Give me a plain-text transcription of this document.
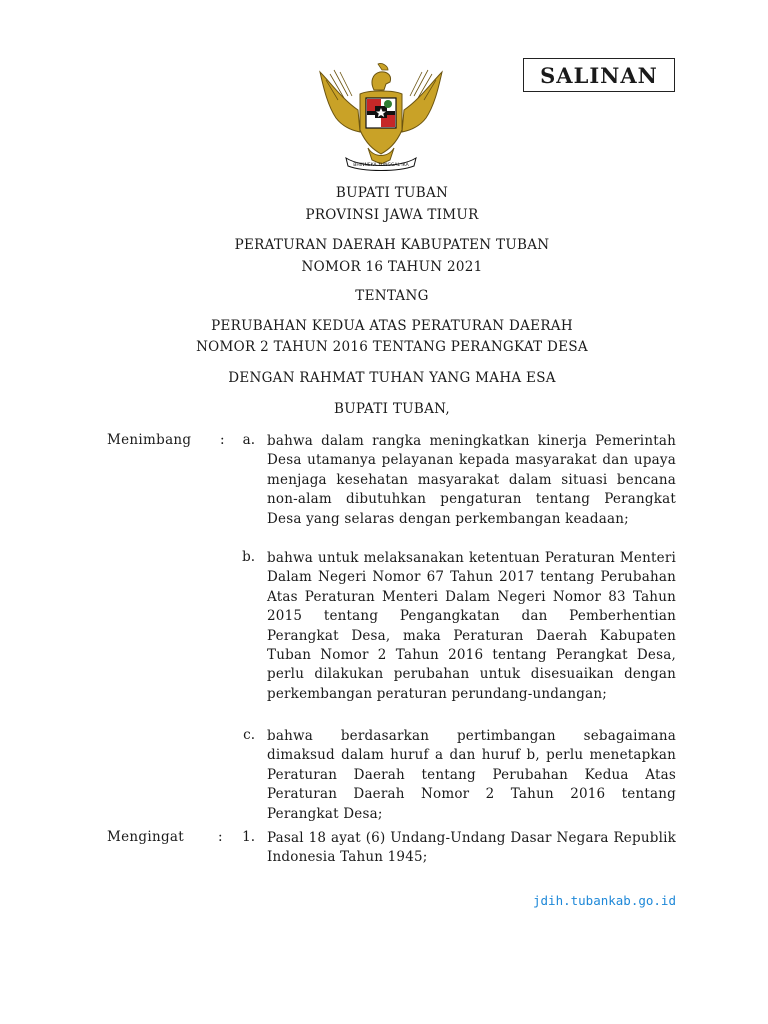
SALINAN
BHINNEKA TUNGGAL IKA
BUPATI TUBAN
PROVINSI JAWA TIMUR
PERATURAN DAERAH KABUPATEN TUBAN
NOMOR 16 TAHUN 2021
TENTANG
PERUBAHAN KEDUA ATAS PERATURAN DAERAH
NOMOR 2 TAHUN 2016 TENTANG PERANGKAT DESA
DENGAN RAHMAT TUHAN YANG MAHA ESA
BUPATI TUBAN,
Menimbang :	a. bahwa dalam rangka meningkatkan kinerja Pemerintah Desa utamanya pelayanan kepada masyarakat dan upaya menjaga kesehatan masyarakat dalam situasi bencana non-alam dibutuhkan pengaturan tentang Perangkat Desa yang selaras dengan perkembangan keadaan;
b. bahwa untuk melaksanakan ketentuan Peraturan Menteri Dalam Negeri Nomor 67 Tahun 2017 tentang Perubahan Atas Peraturan Menteri Dalam Negeri Nomor 83 Tahun 2015 tentang Pengangkatan dan Pemberhentian Perangkat Desa, maka Peraturan Daerah Kabupaten Tuban Nomor 2 Tahun 2016 tentang Perangkat Desa, perlu dilakukan perubahan untuk disesuaikan dengan perkembangan peraturan perundang-undangan;
c. bahwa berdasarkan pertimbangan sebagaimana dimaksud dalam huruf a dan huruf b, perlu menetapkan Peraturan Daerah tentang Perubahan Kedua Atas Peraturan Daerah Nomor 2 Tahun 2016 tentang Perangkat Desa;
Mengingat	:	1. Pasal 18 ayat (6) Undang-Undang Dasar Negara Republik Indonesia Tahun 1945;
jdih.tubankab.go.id
